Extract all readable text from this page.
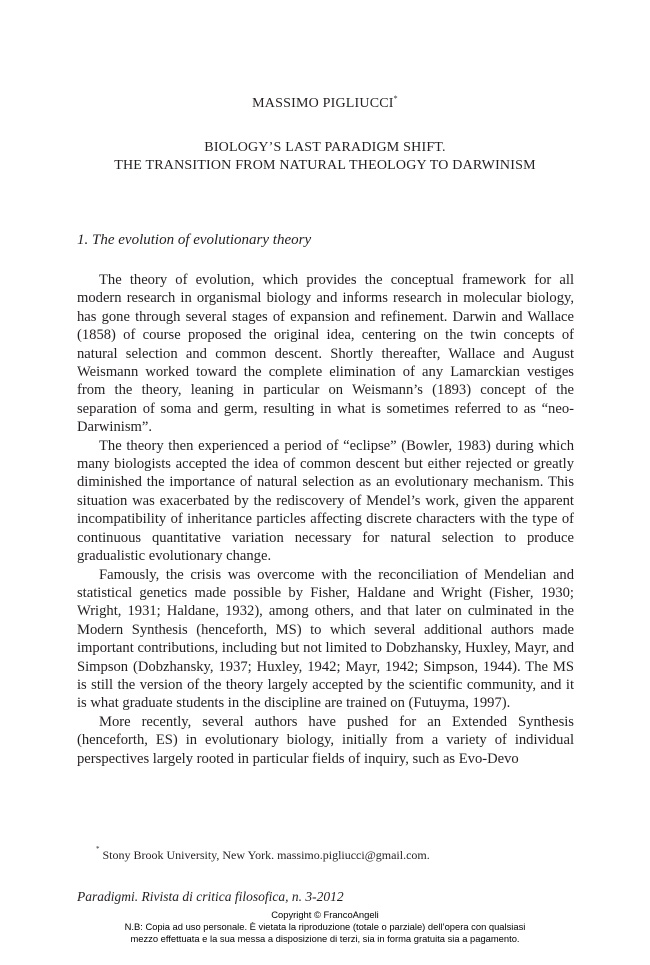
MASSIMO PIGLIUCCI*
BIOLOGY’S LAST PARADIGM SHIFT.
THE TRANSITION FROM NATURAL THEOLOGY TO DARWINISM
1. The evolution of evolutionary theory

The theory of evolution, which provides the conceptual framework for all modern research in organismal biology and informs research in molecular biology, has gone through several stages of expansion and refinement. Darwin and Wallace (1858) of course proposed the original idea, centering on the twin concepts of natural selection and common descent. Shortly thereafter, Wallace and August Weismann worked toward the complete elimination of any Lamarckian vestiges from the theory, leaning in particular on Weismann’s (1893) concept of the separation of soma and germ, resulting in what is sometimes referred to as “neo-Darwinism”.

The theory then experienced a period of “eclipse” (Bowler, 1983) during which many biologists accepted the idea of common descent but either rejected or greatly diminished the importance of natural selection as an evolutionary mechanism. This situation was exacerbated by the rediscovery of Mendel’s work, given the apparent incompatibility of inheritance particles affecting discrete characters with the type of continuous quantitative variation necessary for natural selection to produce gradualistic evolutionary change.

Famously, the crisis was overcome with the reconciliation of Mendelian and statistical genetics made possible by Fisher, Haldane and Wright (Fisher, 1930; Wright, 1931; Haldane, 1932), among others, and that later on culminated in the Modern Synthesis (henceforth, MS) to which several additional authors made important contributions, including but not limited to Dobzhansky, Huxley, Mayr, and Simpson (Dobzhansky, 1937; Huxley, 1942; Mayr, 1942; Simpson, 1944). The MS is still the version of the theory largely accepted by the scientific community, and it is what graduate students in the discipline are trained on (Futuyma, 1997).

More recently, several authors have pushed for an Extended Synthesis (henceforth, ES) in evolutionary biology, initially from a variety of individual perspectives largely rooted in particular fields of inquiry, such as Evo-Devo

* Stony Brook University, New York. massimo.pigliucci@gmail.com.
Paradigmi. Rivista di critica filosofica, n. 3-2012
Copyright © FrancoAngeli
N.B: Copia ad uso personale. È vietata la riproduzione (totale o parziale) dell’opera con qualsiasi
mezzo effettuata e la sua messa a disposizione di terzi, sia in forma gratuita sia a pagamento.
